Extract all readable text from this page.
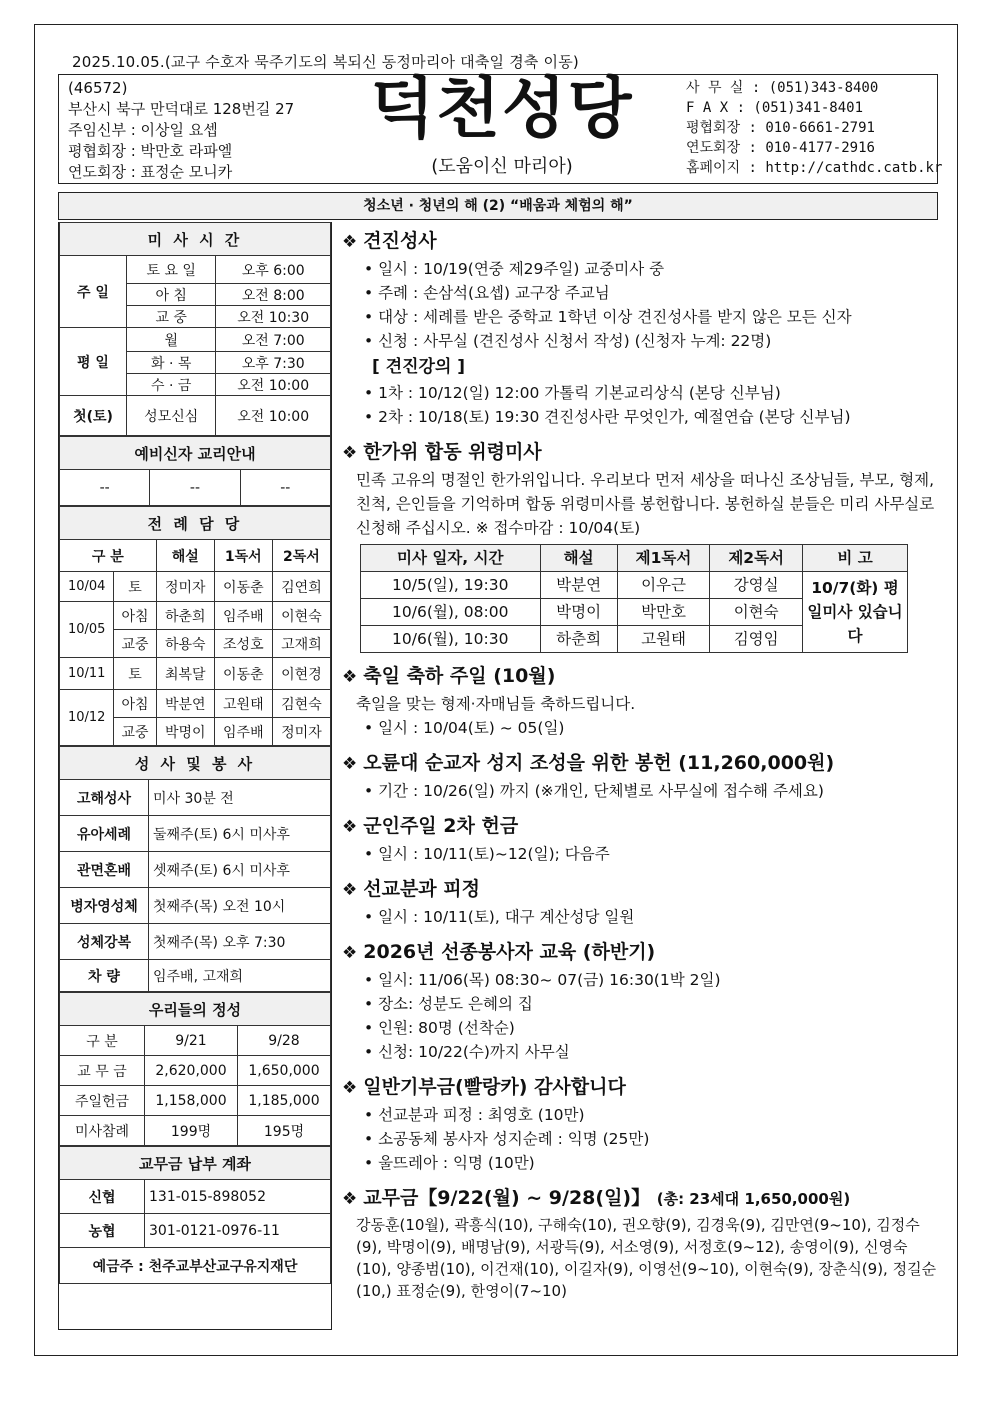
2025.10.05.(교구 수호자 묵주기도의 복되신 동정마리아 대축일 경축 이동)
(46572)
부산시 북구 만덕대로 128번길 27
주임신부 : 이상일 요셉
평협회장 : 박만호 라파엘
연도회장 : 표정순 모니카
덕천성당
(도움이신 마리아)
사 무 실 : (051)343-8400
F A X : (051)341-8401
평협회장 : 010-6661-2791
연도회장 : 010-4177-2916
홈페이지 : http://cathdc.catb.kr
청소년 · 청년의 해 (2) “배움과 체험의 해”
미 사 시 간		
주 일	토 요 일	오후 6:00
	아 침	오전 8:00
	교 중	오전 10:30
평 일	월	오전 7:00
	화 · 목	오후 7:30
	수 · 금	오전 10:00
첫(토)	성모신심	오전 10:00
예비신자 교리안내
--	--	--
전 례 담 당				
구 분		해설	1독서	2독서
10/04	토	정미자	이동춘	김연희
10/05	아침	하춘희	임주배	이현숙
	교중	하용숙	조성호	고재희
10/11	토	최복달	이동춘	이현경
10/12	아침	박분연	고원태	김현숙
	교중	박명이	임주배	정미자
성 사 및 봉 사	
고해성사	미사 30분 전
유아세례	둘째주(토) 6시 미사후
관면혼배	셋째주(토) 6시 미사후
병자영성체	첫째주(목) 오전 10시
성체강복	첫째주(목) 오후 7:30
차 량	임주배, 고재희
우리들의 정성		
구 분	9/21	9/28
교 무 금	2,620,000	1,650,000
주일헌금	1,158,000	1,185,000
미사참례	199명	195명
교무금 납부 계좌	
신협	131-015-898052
농협	301-0121-0976-11
예금주 : 천주교부산교구유지재단	

❖ 견진성사

• 일시 : 10/19(연중 제29주일) 교중미사 중

• 주례 : 손삼석(요셉) 교구장 주교님

• 대상 : 세례를 받은 중학교 1학년 이상 견진성사를 받지 않은 모든 신자

• 신청 : 사무실 (견진성사 신청서 작성) (신청자 누계: 22명)

[ 견진강의 ]

• 1차 : 10/12(일) 12:00 가톨릭 기본교리상식 (본당 신부님)

• 2차 : 10/18(토) 19:30 견진성사란 무엇인가, 예절연습 (본당 신부님)

❖ 한가위 합동 위령미사

민족 고유의 명절인 한가위입니다. 우리보다 먼저 세상을 떠나신 조상님들, 부모, 형제, 친척, 은인들을 기억하며 합동 위령미사를 봉헌합니다. 봉헌하실 분들은 미리 사무실로 신청해 주십시오. ※ 접수마감 : 10/04(토)

미사 일자, 시간	해설	제1독서	제2독서	비 고
10/5(일), 19:30	박분연	이우근	강영실	10/7(화) 평일미사 있습니다
10/6(월), 08:00	박명이	박만호	이현숙	
10/6(월), 10:30	하춘희	고원태	김영임	

❖ 축일 축하 주일 (10월)

축일을 맞는 형제·자매님들 축하드립니다.

• 일시 : 10/04(토) ~ 05(일)

❖ 오륜대 순교자 성지 조성을 위한 봉헌 (11,260,000원)

• 기간 : 10/26(일) 까지 (※개인, 단체별로 사무실에 접수해 주세요)

❖ 군인주일 2차 헌금

• 일시 : 10/11(토)~12(일); 다음주

❖ 선교분과 피정

• 일시 : 10/11(토), 대구 계산성당 일원

❖ 2026년 선종봉사자 교육 (하반기)

• 일시: 11/06(목) 08:30~ 07(금) 16:30(1박 2일)

• 장소: 성분도 은혜의 집

• 인원: 80명 (선착순)

• 신청: 10/22(수)까지 사무실

❖ 일반기부금(빨랑카) 감사합니다

• 선교분과 피정 : 최영호 (10만)

• 소공동체 봉사자 성지순례 : 익명 (25만)

• 울뜨레아 : 익명 (10만)

❖ 교무금【9/22(월) ~ 9/28(일)】 (총: 23세대 1,650,000원)

강동훈(10월), 곽흥식(10), 구해숙(10), 권오향(9), 김경욱(9), 김만연(9~10), 김정수(9), 박명이(9), 배명남(9), 서광득(9), 서소영(9), 서정호(9~12), 송영이(9), 신영숙(10), 양종범(10), 이건재(10), 이길자(9), 이영선(9~10), 이현숙(9), 장춘식(9), 정길순(10,) 표정순(9), 한영이(7~10)
